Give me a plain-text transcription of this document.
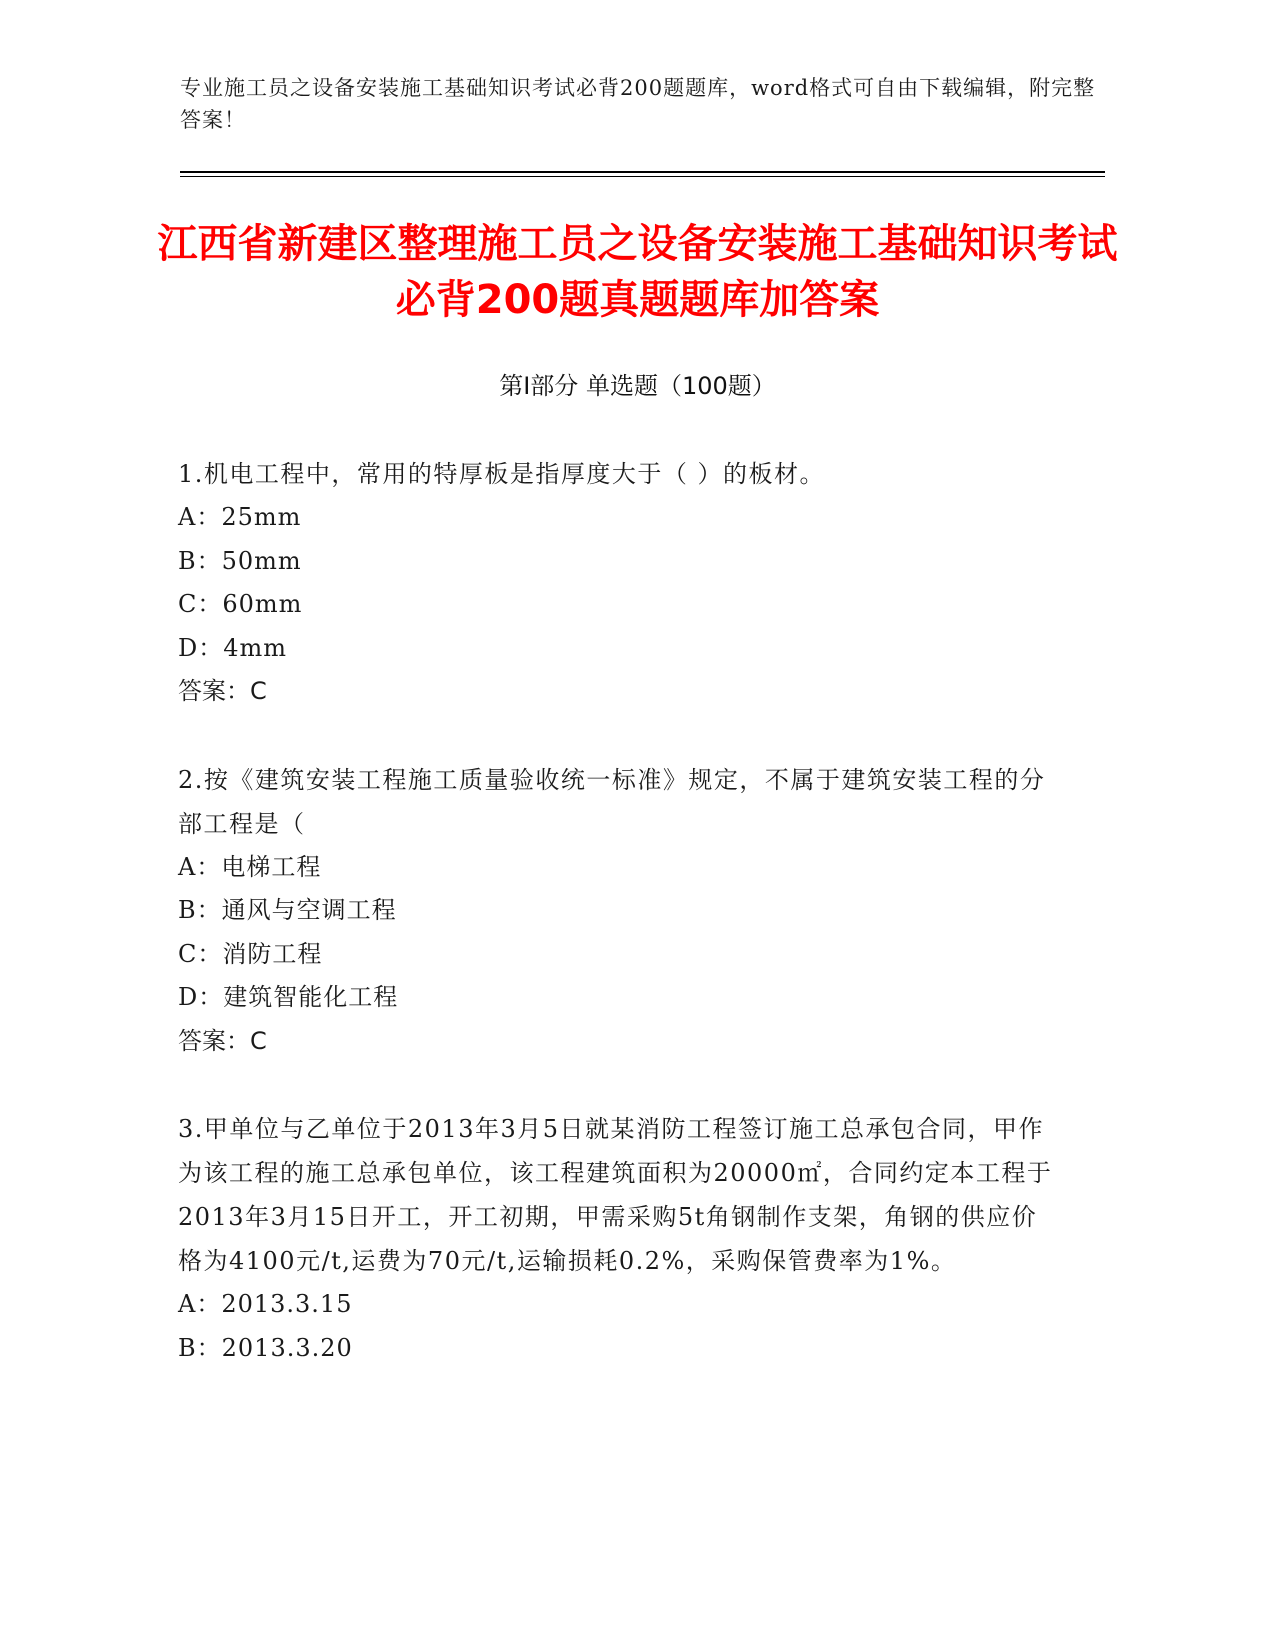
专业施工员之设备安装施工基础知识考试必背200题题库，word格式可自由下载编辑，附完整答案！
江西省新建区整理施工员之设备安装施工基础知识考试必背200题真题题库加答案
第Ⅰ部分 单选题（100题）
1.机电工程中，常用的特厚板是指厚度大于（ ）的板材。
A：25mm
B：50mm
C：60mm
D：4mm
答案：C
2.按《建筑安装工程施工质量验收统一标准》规定，不属于建筑安装工程的分部工程是（
A：电梯工程
B：通风与空调工程
C：消防工程
D：建筑智能化工程
答案：C
3.甲单位与乙单位于2013年3月5日就某消防工程签订施工总承包合同，甲作为该工程的施工总承包单位，该工程建筑面积为20000㎡，合同约定本工程于2013年3月15日开工，开工初期，甲需采购5t角钢制作支架，角钢的供应价格为4100元/t,运费为70元/t,运输损耗0.2%，采购保管费率为1%。
A：2013.3.15
B：2013.3.20
